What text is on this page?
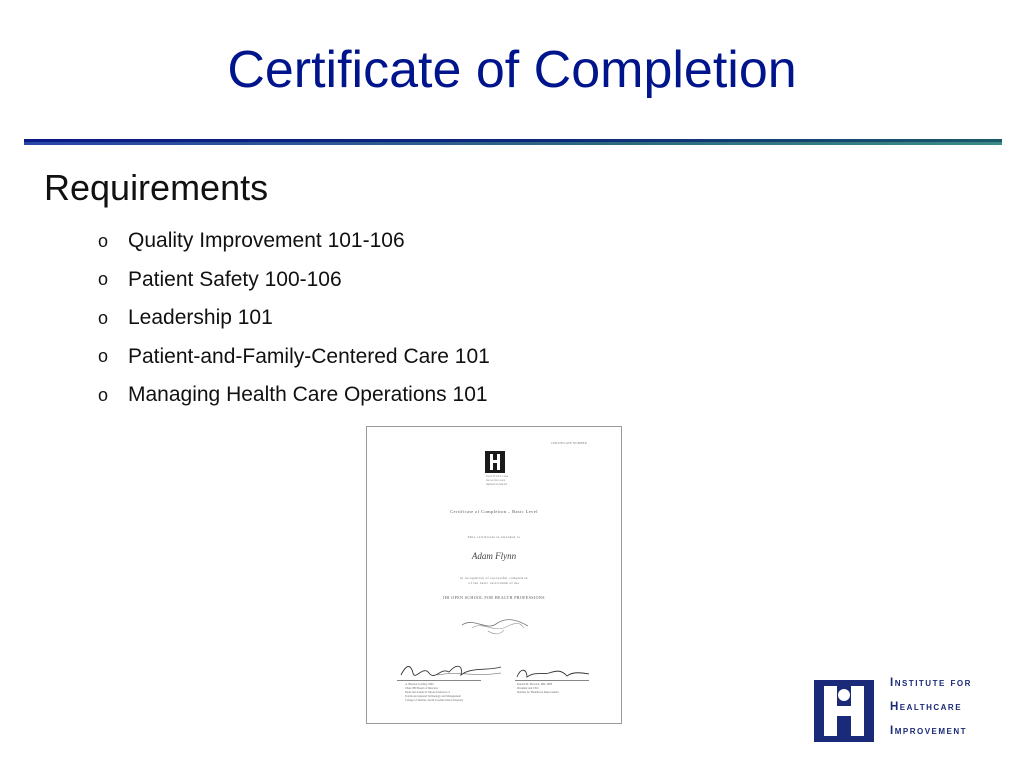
Certificate of Completion
Requirements
o Quality Improvement 101-106
o Patient Safety 100-106
o Leadership 101
o Patient-and-Family-Centered Care 101
o Managing Health Care Operations 101
CERTIFICATE NUMBER
INSTITUTE FOR
HEALTHCARE
IMPROVEMENT
Certificate of Completion – Basic Level
This certificate is awarded to
Adam Flynn
in recognition of successful completion
of the basic curriculum of the
IHI OPEN SCHOOL FOR HEALTH PROFESSIONS
A. Blanton Godfrey, PhD
Chair, IHI Board of Directors
Dean and Joseph D. Moore Professor of
Textile and Apparel Technology and Management
College of Textiles, North Carolina State University
Donald M. Berwick, MD, MPP
President and CEO
Institute for Healthcare Improvement
Institute for
Healthcare
Improvement
